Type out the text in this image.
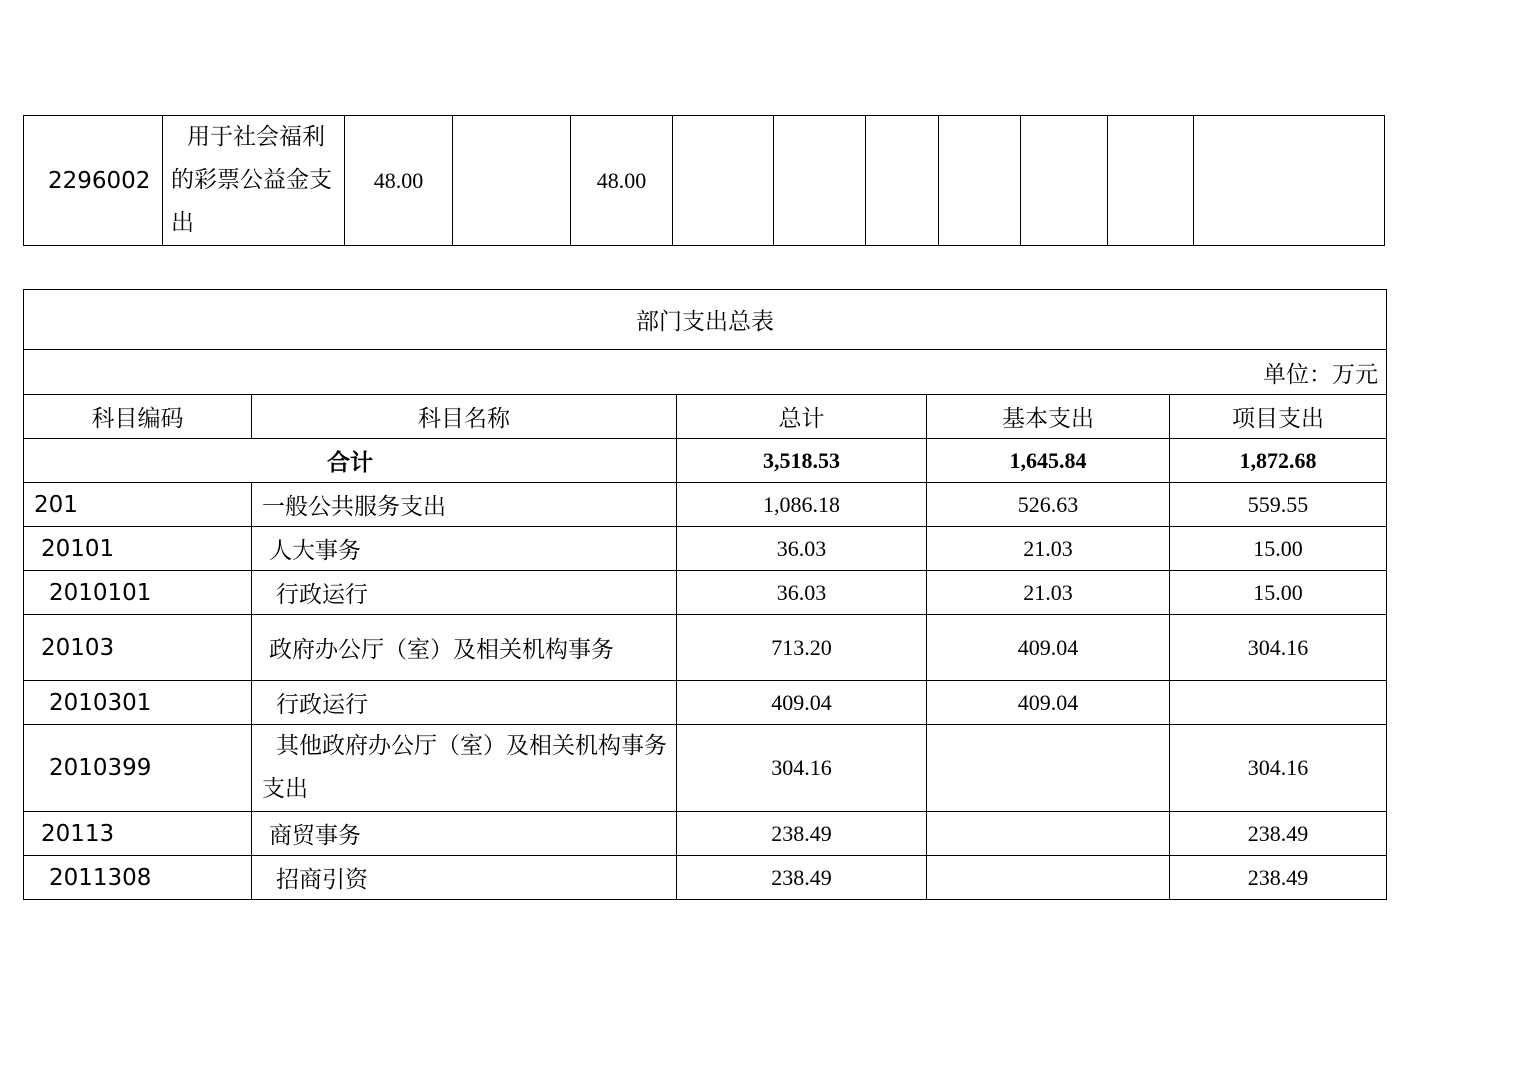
2296002	用于社会福利的彩票公益金支出	48.00		48.00							
部门支出总表				
单位：万元				
科目编码	科目名称	总计	基本支出	项目支出
合计		3,518.53	1,645.84	1,872.68
201	一般公共服务支出	1,086.18	526.63	559.55
20101	人大事务	36.03	21.03	15.00
2010101	行政运行	36.03	21.03	15.00
20103	政府办公厅（室）及相关机构事务	713.20	409.04	304.16
2010301	行政运行	409.04	409.04	
2010399	其他政府办公厅（室）及相关机构事务支出	304.16		304.16
20113	商贸事务	238.49		238.49
2011308	招商引资	238.49		238.49
